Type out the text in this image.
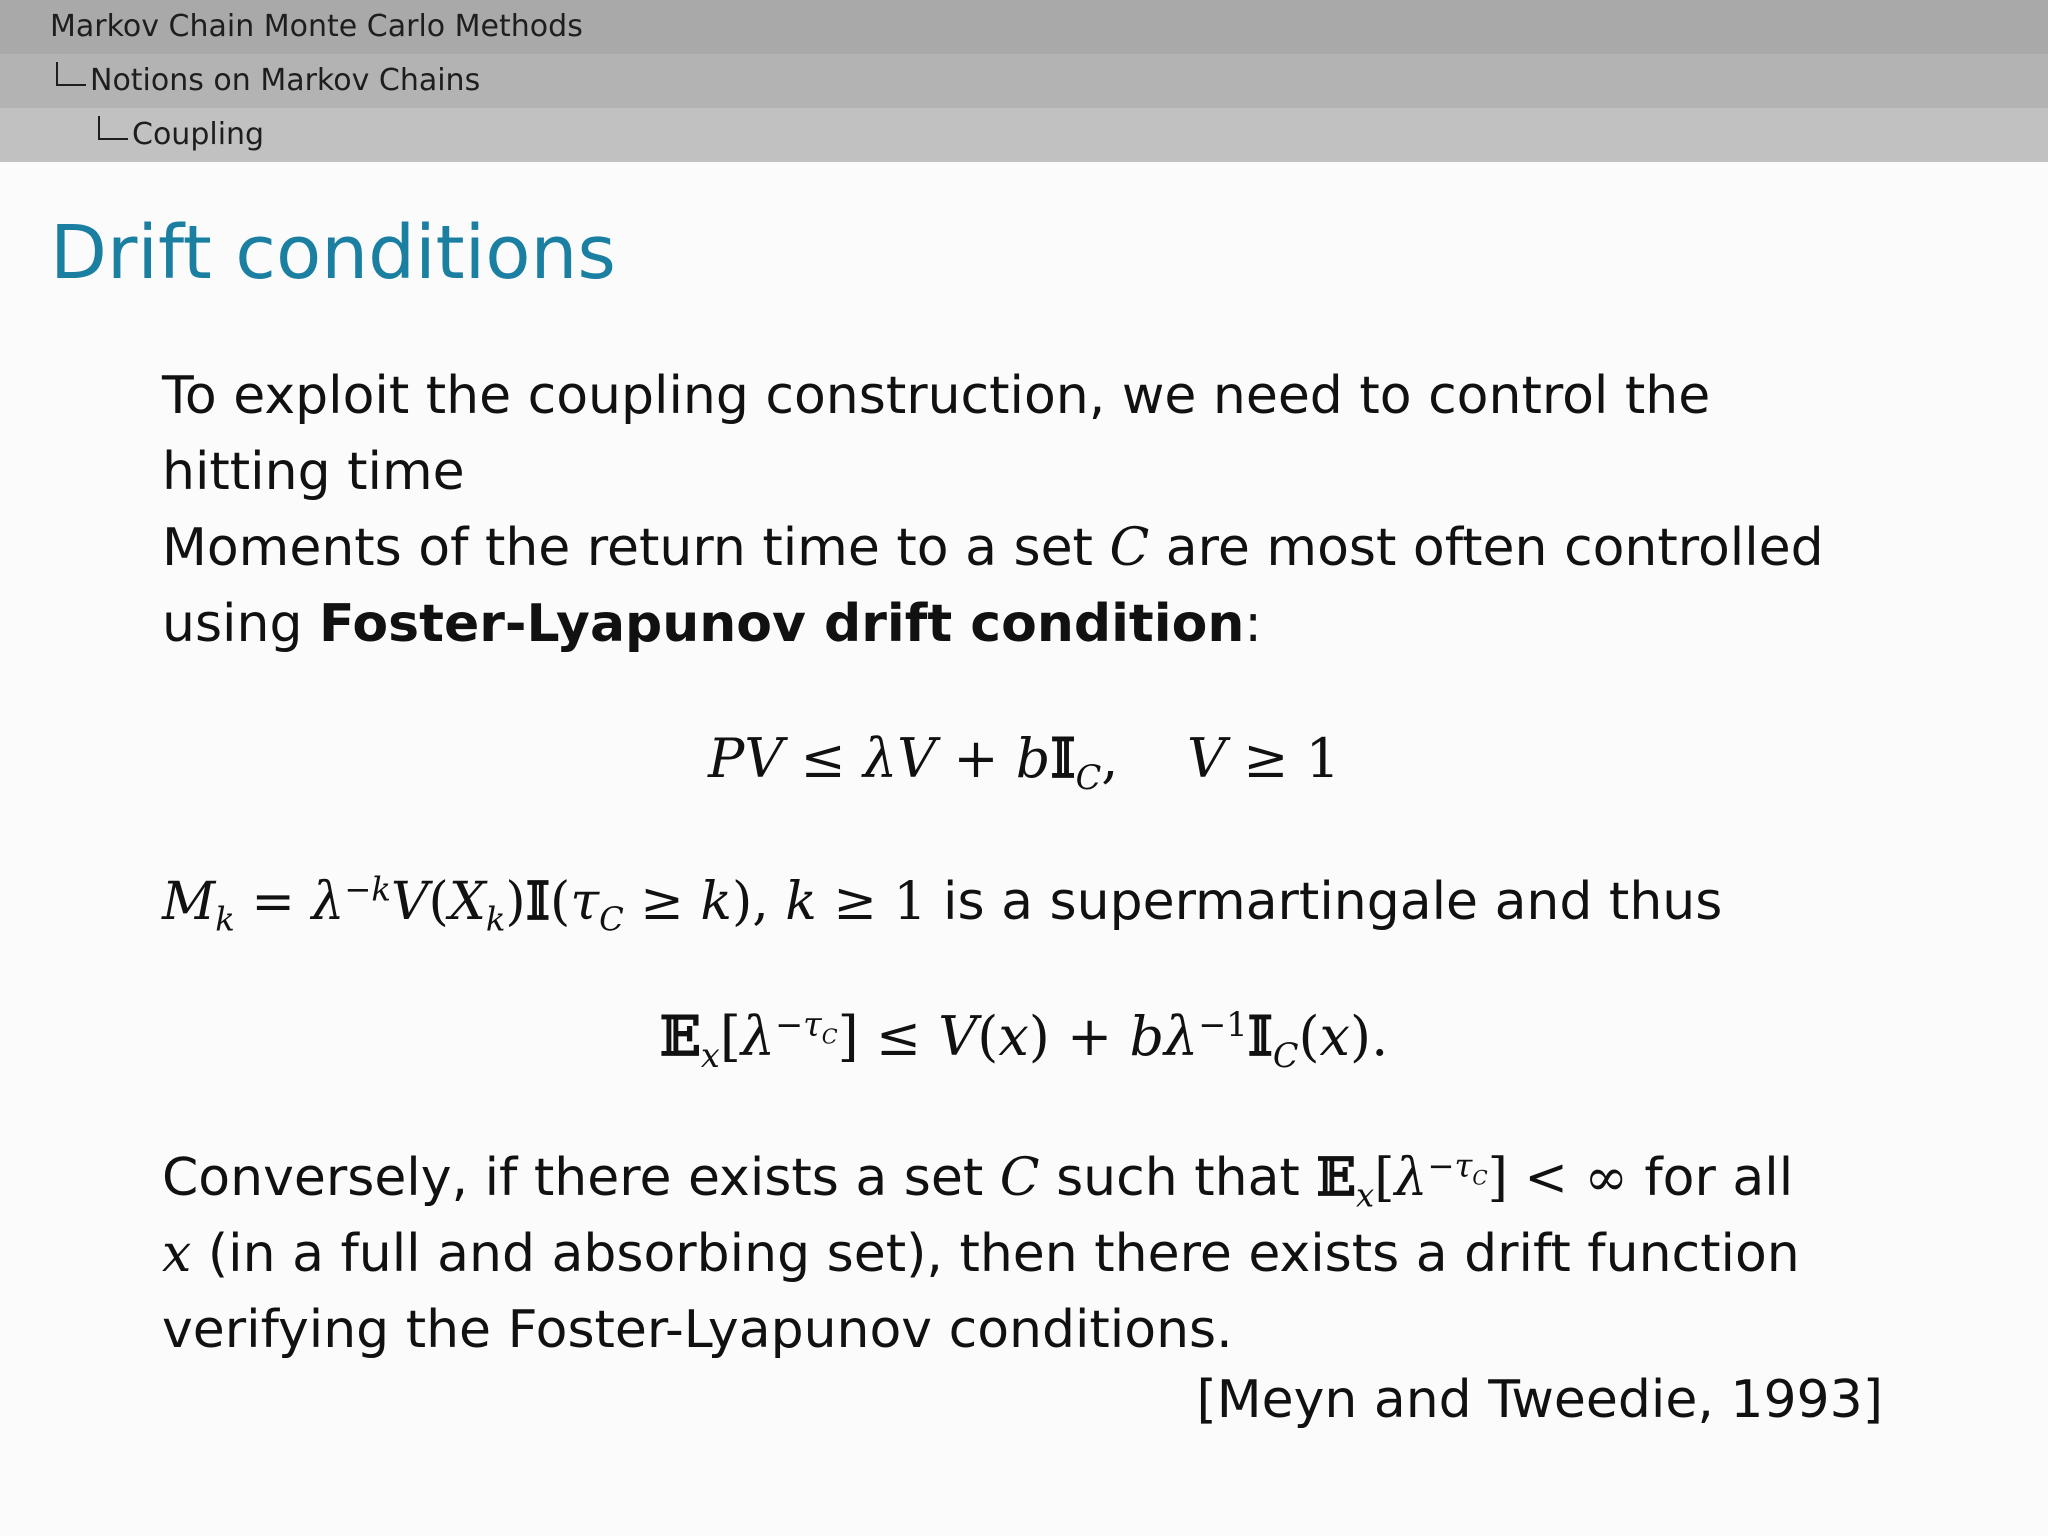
Markov Chain Monte Carlo Methods
Notions on Markov Chains
Coupling
Drift conditions
To exploit the coupling construction, we need to control the hitting time
Moments of the return time to a set C are most often controlled using Foster-Lyapunov drift condition:
PV ≤ λV + b𝕀$_C$,    V ≥ 1
$M_k$ = $\lambda^{-k}V(X_k)𝕀(\tau_C \ge k)$, k ≥ 1 is a supermartingale and thus
$𝔼_x[\lambda^{-\tau_C}] \le V(x)$ + $b\lambda^{-1}𝕀_C(x)$.
Conversely, if there exists a set C such that $𝔼_x[\lambda^{-\tau_C}]$ < ∞ for all
x (in a full and absorbing set), then there exists a drift function verifying the Foster-Lyapunov conditions.
[Meyn and Tweedie, 1993]
